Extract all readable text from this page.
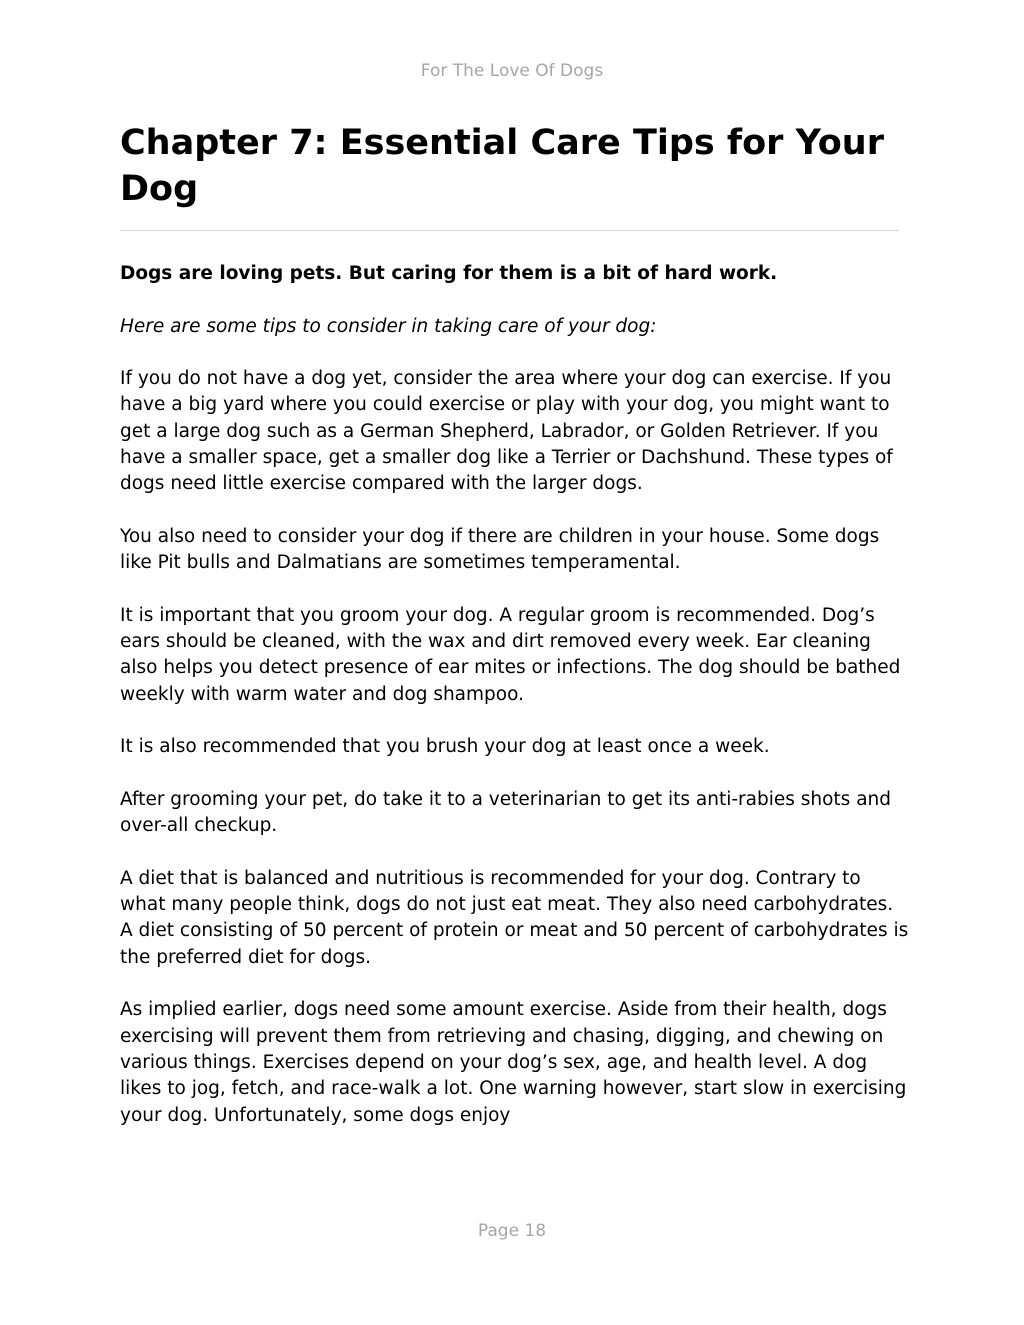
For The Love Of Dogs
Chapter 7: Essential Care Tips for Your Dog

Dogs are loving pets. But caring for them is a bit of hard work.

Here are some tips to consider in taking care of your dog:

If you do not have a dog yet, consider the area where your dog can exercise. If you have a big yard where you could exercise or play with your dog, you might want to get a large dog such as a German Shepherd, Labrador, or Golden Retriever. If you have a smaller space, get a smaller dog like a Terrier or Dachshund. These types of dogs need little exercise compared with the larger dogs.

You also need to consider your dog if there are children in your house. Some dogs like Pit bulls and Dalmatians are sometimes temperamental.

It is important that you groom your dog. A regular groom is recommended. Dog’s ears should be cleaned, with the wax and dirt removed every week. Ear cleaning also helps you detect presence of ear mites or infections. The dog should be bathed weekly with warm water and dog shampoo.

It is also recommended that you brush your dog at least once a week.

After grooming your pet, do take it to a veterinarian to get its anti-rabies shots and over-all checkup.

A diet that is balanced and nutritious is recommended for your dog. Contrary to what many people think, dogs do not just eat meat. They also need carbohydrates. A diet consisting of 50 percent of protein or meat and 50 percent of carbohydrates is the preferred diet for dogs.

As implied earlier, dogs need some amount exercise. Aside from their health, dogs exercising will prevent them from retrieving and chasing, digging, and chewing on various things. Exercises depend on your dog’s sex, age, and health level. A dog likes to jog, fetch, and race-walk a lot. One warning however, start slow in exercising your dog. Unfortunately, some dogs enjoy

Page 18
